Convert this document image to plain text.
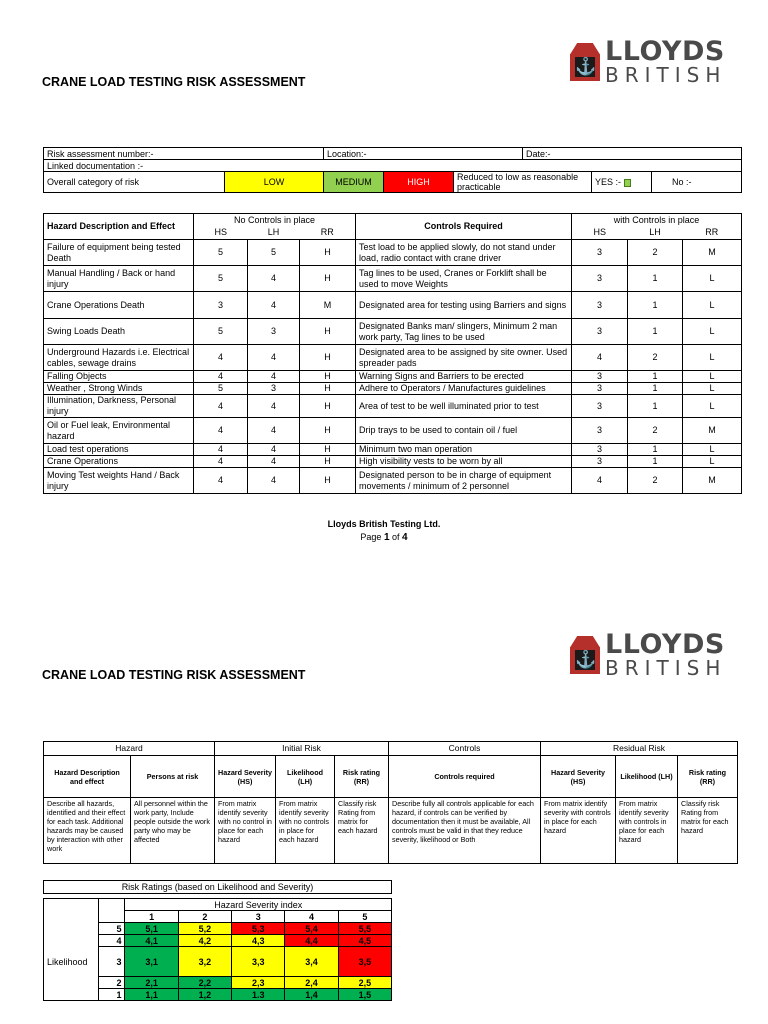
⚓ LLOYDS
BRITISH
CRANE LOAD TESTING RISK ASSESSMENT
Risk assessment number:-		Location:-			Date:-		
Linked documentation :-							
Overall category of risk	LOW	MEDIUM	HIGH	Reduced to low as reasonable practicable		YES :-	No :-
Hazard Description and Effect	No Controls in place			Controls Required	with Controls in place		
	HS	LH	RR		HS	LH	RR
Failure of equipment being tested Death	5	5	H	Test load to be applied slowly, do not stand under load, radio contact with crane driver	3	2	M
Manual Handling / Back or hand injury	5	4	H	Tag lines to be used, Cranes or Forklift shall be used to move Weights	3	1	L
Crane Operations Death	3	4	M	Designated area for testing using Barriers and signs	3	1	L
Swing Loads Death	5	3	H	Designated Banks man/ slingers, Minimum 2 man work party, Tag lines to be used	3	1	L
Underground Hazards i.e. Electrical cables, sewage drains	4	4	H	Designated area to be assigned by site owner. Used spreader pads	4	2	L
Falling Objects	4	4	H	Warning Signs and Barriers to be erected	3	1	L
Weather , Strong Winds	5	3	H	Adhere to Operators / Manufactures guidelines	3	1	L
Illumination, Darkness, Personal injury	4	4	H	Area of test to be well illuminated prior to test	3	1	L
Oil or Fuel leak, Environmental hazard	4	4	H	Drip trays to be used to contain oil / fuel	3	2	M
Load test operations	4	4	H	Minimum two man operation	3	1	L
Crane Operations	4	4	H	High visibility vests to be worn by all	3	1	L
Moving Test weights Hand / Back injury	4	4	H	Designated person to be in charge of equipment movements / minimum of 2 personnel	4	2	M
Lloyds British Testing Ltd.
Page 1 of 4
⚓ LLOYDS
BRITISH
CRANE LOAD TESTING RISK ASSESSMENT
Hazard		Initial Risk			Controls	Residual Risk		
Hazard Description and effect	Persons at risk	Hazard Severity (HS)	Likelihood (LH)	Risk rating (RR)	Controls required	Hazard Severity (HS)	Likelihood (LH)	Risk rating (RR)
Describe all hazards, identified and their effect for each task. Additional hazards may be caused by interaction with other work	All personnel within the work party, Include people outside the work party who may be affected	From matrix identify severity with no control in place for each hazard	From matrix identify severity with no controls in place for each hazard	Classify risk Rating from matrix for each hazard	Describe fully all controls applicable for each hazard, if controls can be verified by documentation then it must be available, All controls must be valid in that they reduce severity, likelihood or Both	From matrix identify severity with controls in place for each hazard	From matrix identify severity with controls in place for each hazard	Classify risk Rating from matrix for each hazard
Risk Ratings (based on Likelihood and Severity)
		Hazard Severity index				
		1	2	3	4	5
	5	5,1	5,2	5,3	5,4	5,5
	4	4,1	4,2	4,3	4,4	4,5
Likelihood	3	3,1	3,2	3,3	3,4	3,5
	2	2,1	2,2	2,3	2,4	2,5
	1	1,1	1,2	1.3	1,4	1,5
